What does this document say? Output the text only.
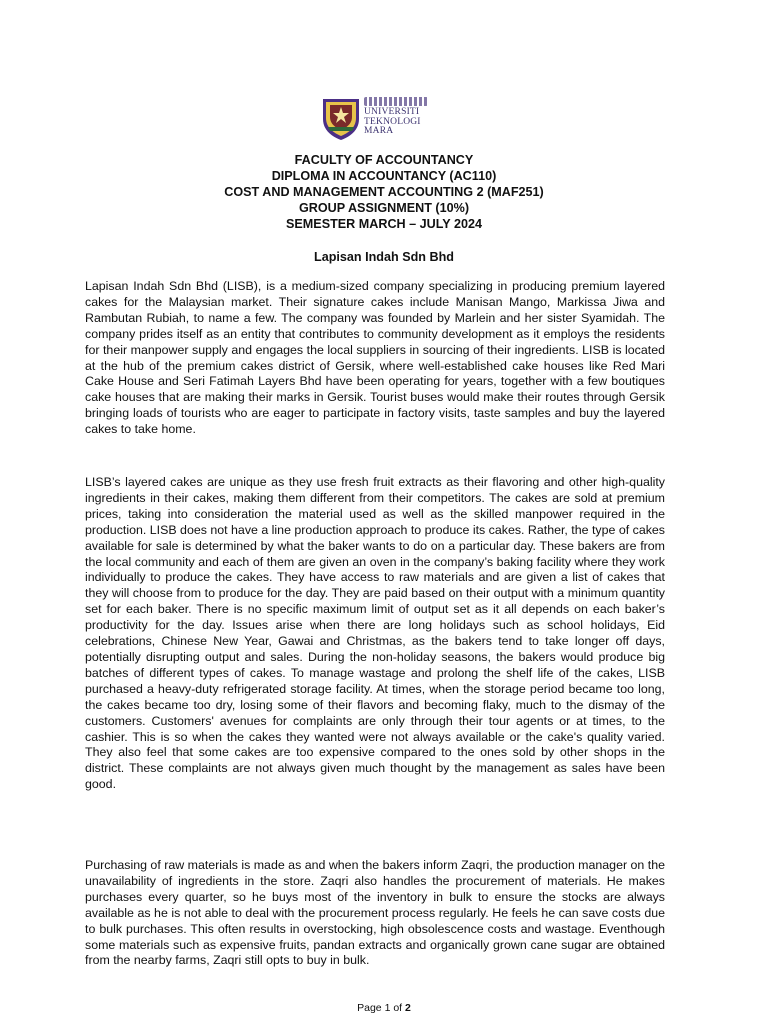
UNIVERSITI
TEKNOLOGI
MARA
FACULTY OF ACCOUNTANCY
DIPLOMA IN ACCOUNTANCY (AC110)
COST AND MANAGEMENT ACCOUNTING 2 (MAF251)
GROUP ASSIGNMENT (10%)
SEMESTER MARCH – JULY 2024
Lapisan Indah Sdn Bhd

Lapisan Indah Sdn Bhd (LISB), is a medium-sized company specializing in producing premium layered cakes for the Malaysian market. Their signature cakes include Manisan Mango, Markissa Jiwa and Rambutan Rubiah, to name a few. The company was founded by Marlein and her sister Syamidah. The company prides itself as an entity that contributes to community development as it employs the residents for their manpower supply and engages the local suppliers in sourcing of their ingredients. LISB is located at the hub of the premium cakes district of Gersik, where well-established cake houses like Red Mari Cake House and Seri Fatimah Layers Bhd have been operating for years, together with a few boutiques cake houses that are making their marks in Gersik. Tourist buses would make their routes through Gersik bringing loads of tourists who are eager to participate in factory visits, taste samples and buy the layered cakes to take home.

LISB’s layered cakes are unique as they use fresh fruit extracts as their flavoring and other high-quality ingredients in their cakes, making them different from their competitors. The cakes are sold at premium prices, taking into consideration the material used as well as the skilled manpower required in the production. LISB does not have a line production approach to produce its cakes. Rather, the type of cakes available for sale is determined by what the baker wants to do on a particular day. These bakers are from the local community and each of them are given an oven in the company’s baking facility where they work individually to produce the cakes. They have access to raw materials and are given a list of cakes that they will choose from to produce for the day. They are paid based on their output with a minimum quantity set for each baker. There is no specific maximum limit of output set as it all depends on each baker’s productivity for the day. Issues arise when there are long holidays such as school holidays, Eid celebrations, Chinese New Year, Gawai and Christmas, as the bakers tend to take longer off days, potentially disrupting output and sales. During the non-holiday seasons, the bakers would produce big batches of different types of cakes. To manage wastage and prolong the shelf life of the cakes, LISB purchased a heavy-duty refrigerated storage facility. At times, when the storage period became too long, the cakes became too dry, losing some of their flavors and becoming flaky, much to the dismay of the customers. Customers' avenues for complaints are only through their tour agents or at times, to the cashier. This is so when the cakes they wanted were not always available or the cake's quality varied. They also feel that some cakes are too expensive compared to the ones sold by other shops in the district. These complaints are not always given much thought by the management as sales have been good.

Purchasing of raw materials is made as and when the bakers inform Zaqri, the production manager on the unavailability of ingredients in the store. Zaqri also handles the procurement of materials. He makes purchases every quarter, so he buys most of the inventory in bulk to ensure the stocks are always available as he is not able to deal with the procurement process regularly. He feels he can save costs due to bulk purchases. This often results in overstocking, high obsolescence costs and wastage. Eventhough some materials such as expensive fruits, pandan extracts and organically grown cane sugar are obtained from the nearby farms, Zaqri still opts to buy in bulk.

Page 1 of 2
